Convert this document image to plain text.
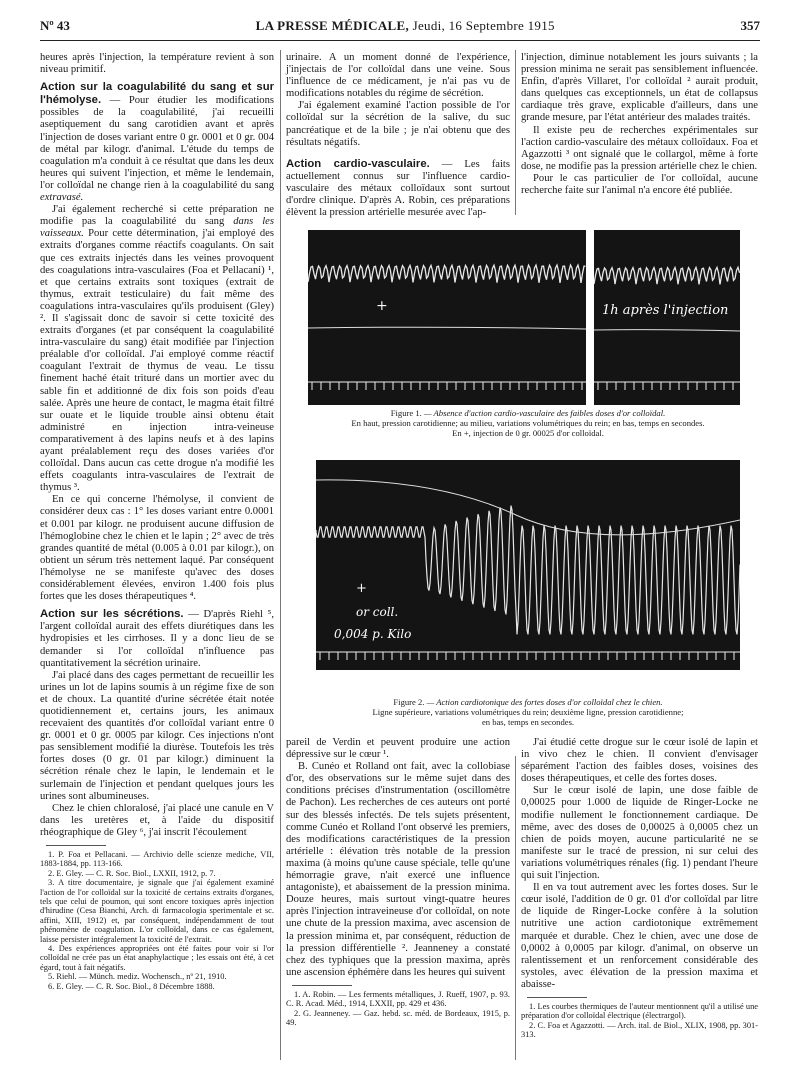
Nº 43	LA PRESSE MÉDICALE, Jeudi, 16 Septembre 1915	357

heures après l'injection, la température revient à son niveau primitif.

Action sur la coagulabilité du sang et sur l'hémolyse. — Pour étudier les modifications possibles de la coagulabilité, j'ai recueilli aseptiquement du sang carotidien avant et après l'injection de doses variant entre 0 gr. 0001 et 0 gr. 004 de métal par kilogr. d'animal. L'étude du temps de coagulation m'a conduit à ce résultat que dans les deux heures qui suivent l'injection, et même le lendemain, l'or colloïdal ne change rien à la coagulabilité du sang extravasé.

J'ai également recherché si cette préparation ne modifie pas la coagulabilité du sang dans les vaisseaux. Pour cette détermination, j'ai employé des extraits d'organes comme réactifs coagulants. On sait que ces extraits injectés dans les veines provoquent des coagulations intra-vasculaires (Foa et Pellacani) ¹, et que certains extraits sont toxiques (extrait de thymus, extrait testiculaire) du fait même des coagulations intra-vasculaires qu'ils produisent (Gley) ². Il s'agissait donc de savoir si cette toxicité des extraits d'organes (et par conséquent la coagulabilité intra-vasculaire du sang) était modifiée par l'injection préalable d'or colloïdal. J'ai employé comme réactif coagulant l'extrait de thymus de veau. Le tissu finement haché était trituré dans un mortier avec du sable fin et additionné de dix fois son poids d'eau salée. Après une heure de contact, le magma était filtré sur ouate et le liquide trouble ainsi obtenu était administré en injection intra-veineuse comparativement à des lapins neufs et à des lapins ayant préalablement reçu des doses variées d'or colloïdal. Dans aucun cas cette drogue n'a modifié les effets coagulants intra-vasculaires de l'extrait de thymus ³.

En ce qui concerne l'hémolyse, il convient de considérer deux cas : 1° les doses variant entre 0.0001 et 0.001 par kilogr. ne produisent aucune diffusion de l'hémoglobine chez le chien et le lapin ; 2° avec de très grandes quantité de métal (0.005 à 0.01 par kilogr.), on obtient un sérum très nettement laqué. Par conséquent l'hémolyse ne se manifeste qu'avec des doses considérablement élevées, environ 1.400 fois plus fortes que les doses thérapeutiques ⁴.

Action sur les sécrétions. — D'après Riehl ⁵, l'argent colloïdal aurait des effets diurétiques dans les hydropisies et les cirrhoses. Il y a donc lieu de se demander si l'or colloïdal n'influence pas quantitativement la sécrétion urinaire.

J'ai placé dans des cages permettant de recueillir les urines un lot de lapins soumis à un régime fixe de son et de choux. La quantité d'urine sécrétée était notée quotidiennement et, certains jours, les animaux recevaient des quantités d'or colloïdal variant entre 0 gr. 0001 et 0 gr. 0005 par kilogr. Ces injections n'ont pas sensiblement modifié la diurèse. Toutefois les très fortes doses (0 gr. 01 par kilogr.) diminuent la sécrétion rénale chez le lapin, le lendemain et le surlemain de l'injection et pendant quelques jours les urines sont albumineuses.

Chez le chien chloralosé, j'ai placé une canule en V dans les uretères et, à l'aide du dispositif rhéographique de Gley ⁶, j'ai inscrit l'écoulement

1. P. Foa et Pellacani. — Archivio delle scienze mediche, VII, 1883-1884, pp. 113-166.

2. E. Gley. — C. R. Soc. Biol., LXXII, 1912, p. 7.

3. A titre documentaire, je signale que j'ai également examiné l'action de l'or colloïdal sur la toxicité de certains extraits d'organes, tels que celui de poumon, qui sont encore toxiques après injection d'hirudine (Cesa Bianchi, Arch. di farmacologia sperimentale et sc. affini, XIII, 1912) et, par conséquent, indépendamment de tout phénomène de coagulation. L'or colloïdal, dans ce cas également, laisse persister intégralement la toxicité de l'extrait.

4. Des expériences appropriées ont été faites pour voir si l'or colloïdal ne crée pas un état anaphylactique ; les essais ont été, à cet égard, tout à fait négatifs.

5. Riehl. — Münch. mediz. Wochensch., nº 21, 1910.

6. E. Gley. — C. R. Soc. Biol., 8 Décembre 1888.

urinaire. A un moment donné de l'expérience, j'injectais de l'or colloïdal dans une veine. Sous l'influence de ce médicament, je n'ai pas vu de modifications notables du régime de sécrétion.

J'ai également examiné l'action possible de l'or colloïdal sur la sécrétion de la salive, du suc pancréatique et de la bile ; je n'ai obtenu que des résultats négatifs.

Action cardio-vasculaire. — Les faits actuellement connus sur l'influence cardio-vasculaire des métaux colloïdaux sont surtout d'ordre clinique. D'après A. Robin, ces préparations élèvent la pression artérielle mesurée avec l'ap-

l'injection, diminue notablement les jours suivants ; la pression minima ne serait pas sensiblement influencée. Enfin, d'après Villaret, l'or colloïdal ² aurait produit, dans quelques cas exceptionnels, un état de collapsus cardiaque très grave, explicable d'ailleurs, dans une grande mesure, par l'état antérieur des malades traités.

Il existe peu de recherches expérimentales sur l'action cardio-vasculaire des métaux colloïdaux. Foa et Agazzotti ³ ont signalé que le collargol, même à forte dose, ne modifie pas la pression artérielle chez le chien.

Pour le cas particulier de l'or colloïdal, aucune recherche faite sur l'animal n'a encore été publiée.

+	1h après l'injection
Figure 1. — Absence d'action cardio-vasculaire des faibles doses d'or colloïdal.
En haut, pression carotidienne; au milieu, variations volumétriques du rein; en bas, temps en secondes.
En +, injection de 0 gr. 00025 d'or colloïdal.
+
or coll.
0,004 p. Kilo
Figure 2. — Action cardiotonique des fortes doses d'or colloïdal chez le chien.
Ligne supérieure, variations volumétriques du rein; deuxième ligne, pression carotidienne;
en bas, temps en secondes.

pareil de Verdin et peuvent produire une action dépressive sur le cœur ¹.

B. Cunéo et Rolland ont fait, avec la collobiase d'or, des observations sur le même sujet dans des conditions précises d'instrumentation (oscillomètre de Pachon). Les recherches de ces auteurs ont porté sur des blessés infectés. De tels sujets présentent, comme Cunéo et Rolland l'ont observé les premiers, des modifications caractéristiques de la pression artérielle : élévation très notable de la pression maxima (à moins qu'une cause spéciale, telle qu'une hémorragie grave, n'ait exercé une influence antagoniste), et abaissement de la pression minima. Douze heures, mais surtout vingt-quatre heures après l'injection intraveineuse d'or colloïdal, on note une chute de la pression maxima, avec ascension de la pression minima et, par conséquent, réduction de la pression différentielle ². Jeanneney a constaté chez des typhiques que la pression maxima, après une ascension éphémère dans les heures qui suivent

1. A. Robin. — Les ferments métalliques, J. Rueff, 1907, p. 93. C. R. Acad. Méd., 1914, LXXII, pp. 429 et 436.

2. G. Jeanneney. — Gaz. hebd. sc. méd. de Bordeaux, 1915, p. 49.

J'ai étudié cette drogue sur le cœur isolé de lapin et in vivo chez le chien. Il convient d'envisager séparément l'action des faibles doses, voisines des doses thérapeutiques, et celle des fortes doses.

Sur le cœur isolé de lapin, une dose faible de 0,00025 pour 1.000 de liquide de Ringer-Locke ne modifie nullement le fonctionnement cardiaque. De même, avec des doses de 0,00025 à 0,0005 chez un chien de poids moyen, aucune particularité ne se manifeste sur le tracé de pression, ni sur celui des variations volumétriques rénales (fig. 1) pendant l'heure qui suit l'injection.

Il en va tout autrement avec les fortes doses. Sur le cœur isolé, l'addition de 0 gr. 01 d'or colloïdal par litre de liquide de Ringer-Locke confère à la solution nutritive une action cardiotonique extrêmement marquée et durable. Chez le chien, avec une dose de 0,0002 à 0,0005 par kilogr. d'animal, on observe un ralentissement et un renforcement considérable des systoles, avec élévation de la pression maxima et abaisse-

1. Les courbes thermiques de l'auteur mentionnent qu'il a utilisé une préparation d'or colloïdal électrique (électrargol).

2. C. Foa et Agazzotti. — Arch. ital. de Biol., XLIX, 1908, pp. 301-313.
